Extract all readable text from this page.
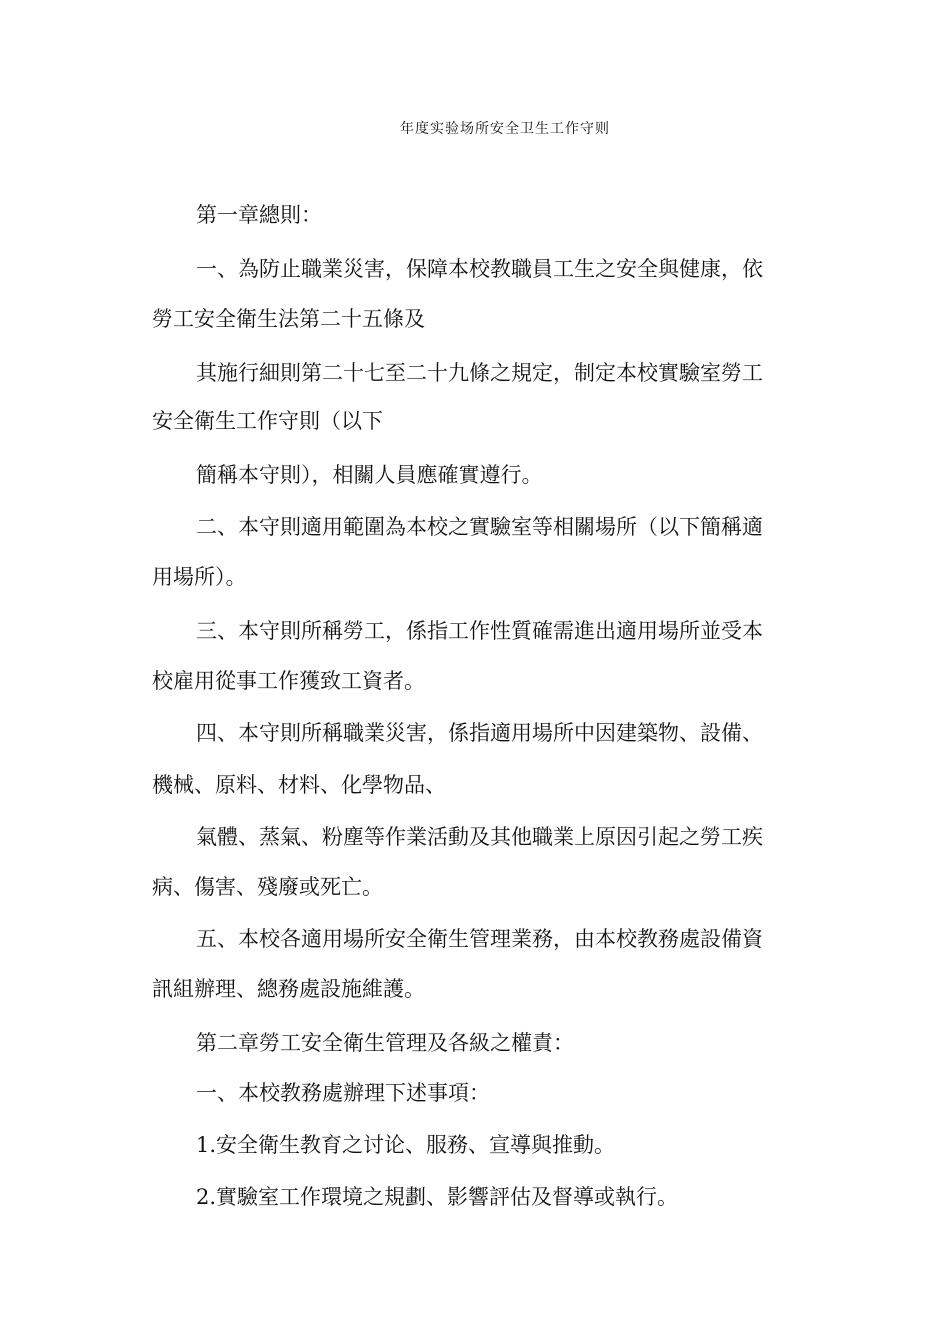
年度实验场所安全卫生工作守则
第一章總則：
一、為防止職業災害，保障本校教職員工生之安全與健康，依
勞工安全衛生法第二十五條及
其施行細則第二十七至二十九條之規定，制定本校實驗室勞工
安全衛生工作守則（以下
簡稱本守則），相關人員應確實遵行。
二、本守則適用範圍為本校之實驗室等相關場所（以下簡稱適
用場所）。
三、本守則所稱勞工，係指工作性質確需進出適用場所並受本
校雇用從事工作獲致工資者。
四、本守則所稱職業災害，係指適用場所中因建築物、設備、
機械、原料、材料、化學物品、
氣體、蒸氣、粉塵等作業活動及其他職業上原因引起之勞工疾
病、傷害、殘廢或死亡。
五、本校各適用場所安全衛生管理業務，由本校教務處設備資
訊組辦理、總務處設施維護。
第二章勞工安全衛生管理及各級之權責：
一、本校教務處辦理下述事項：
1.安全衛生教育之讨论、服務、宣導與推動。
2.實驗室工作環境之規劃、影響評估及督導或執行。
